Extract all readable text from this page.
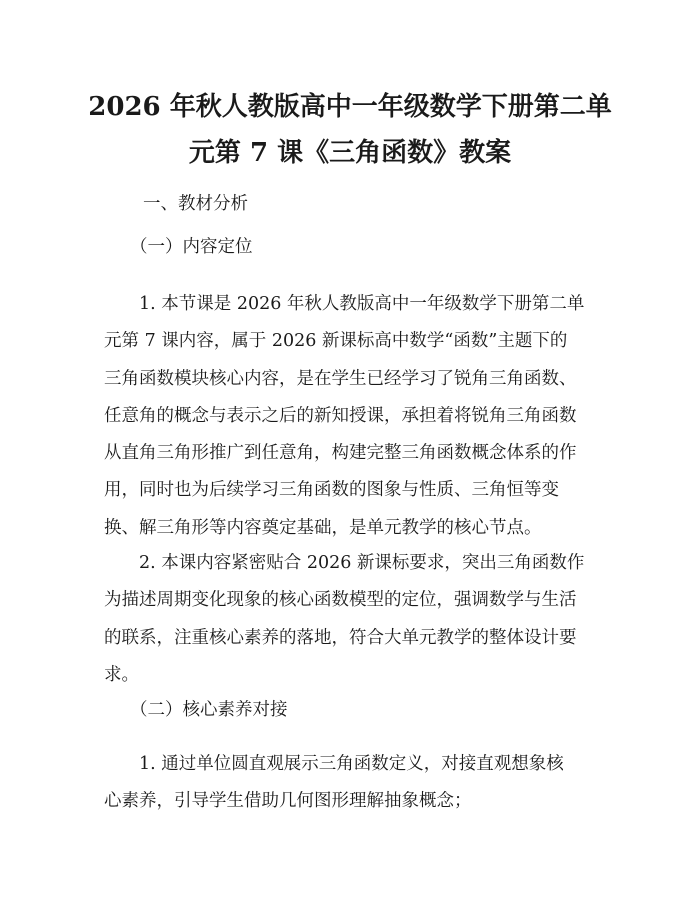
2026 年秋人教版高中一年级数学下册第二单
元第 7 课《三角函数》教案
一、教材分析
（一）内容定位
　　1. 本节课是 2026 年秋人教版高中一年级数学下册第二单
元第 7 课内容，属于 2026 新课标高中数学“函数”主题下的
三角函数模块核心内容，是在学生已经学习了锐角三角函数、
任意角的概念与表示之后的新知授课，承担着将锐角三角函数
从直角三角形推广到任意角，构建完整三角函数概念体系的作
用，同时也为后续学习三角函数的图象与性质、三角恒等变
换、解三角形等内容奠定基础，是单元教学的核心节点。
　　2. 本课内容紧密贴合 2026 新课标要求，突出三角函数作
为描述周期变化现象的核心函数模型的定位，强调数学与生活
的联系，注重核心素养的落地，符合大单元教学的整体设计要
求。
（二）核心素养对接
　　1. 通过单位圆直观展示三角函数定义，对接直观想象核
心素养，引导学生借助几何图形理解抽象概念；
